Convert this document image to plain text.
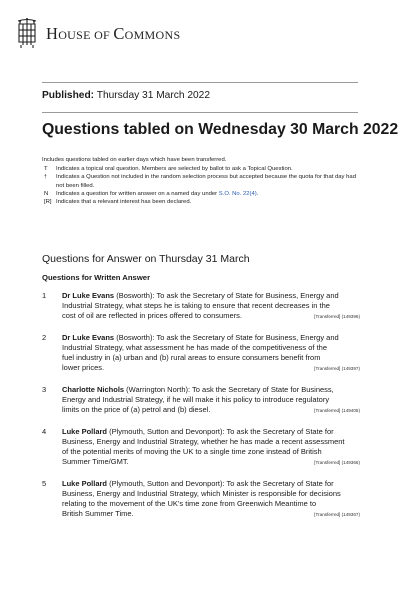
HOUSE OF COMMONS
Published: Thursday 31 March 2022
Questions tabled on Wednesday 30 March 2022
Includes questions tabled on earlier days which have been transferred.
T	Indicates a topical oral question. Members are selected by ballot to ask a Topical Question.
†	Indicates a Question not included in the random selection process but accepted because the quota for that day had not been filled.
N	Indicates a question for written answer on a named day under S.O. No. 22(4).
[R] Indicates that a relevant interest has been declared.
Questions for Answer on Thursday 31 March
Questions for Written Answer
1	Dr Luke Evans (Bosworth): To ask the Secretary of State for Business, Energy and
Industrial Strategy, what steps he is taking to ensure that recent decreases in the
cost of oil are reflected in prices offered to consumers.	[Transferred] (149396)
2	Dr Luke Evans (Bosworth): To ask the Secretary of State for Business, Energy and
Industrial Strategy, what assessment he has made of the competitiveness of the
fuel industry in (a) urban and (b) rural areas to ensure consumers benefit from
lower prices.	[Transferred] (149397)
3	Charlotte Nichols (Warrington North): To ask the Secretary of State for Business,
Energy and Industrial Strategy, if he will make it his policy to introduce regulatory
limits on the price of (a) petrol and (b) diesel.	[Transferred] (149405)
4	Luke Pollard (Plymouth, Sutton and Devonport): To ask the Secretary of State for
Business, Energy and Industrial Strategy, whether he has made a recent assessment
of the potential merits of moving the UK to a single time zone instead of British
Summer Time/GMT.	[Transferred] (149366)
5	Luke Pollard (Plymouth, Sutton and Devonport): To ask the Secretary of State for
Business, Energy and Industrial Strategy, which Minister is responsible for decisions
relating to the movement of the UK’s time zone from Greenwich Meantime to
British Summer Time.	[Transferred] (149367)
